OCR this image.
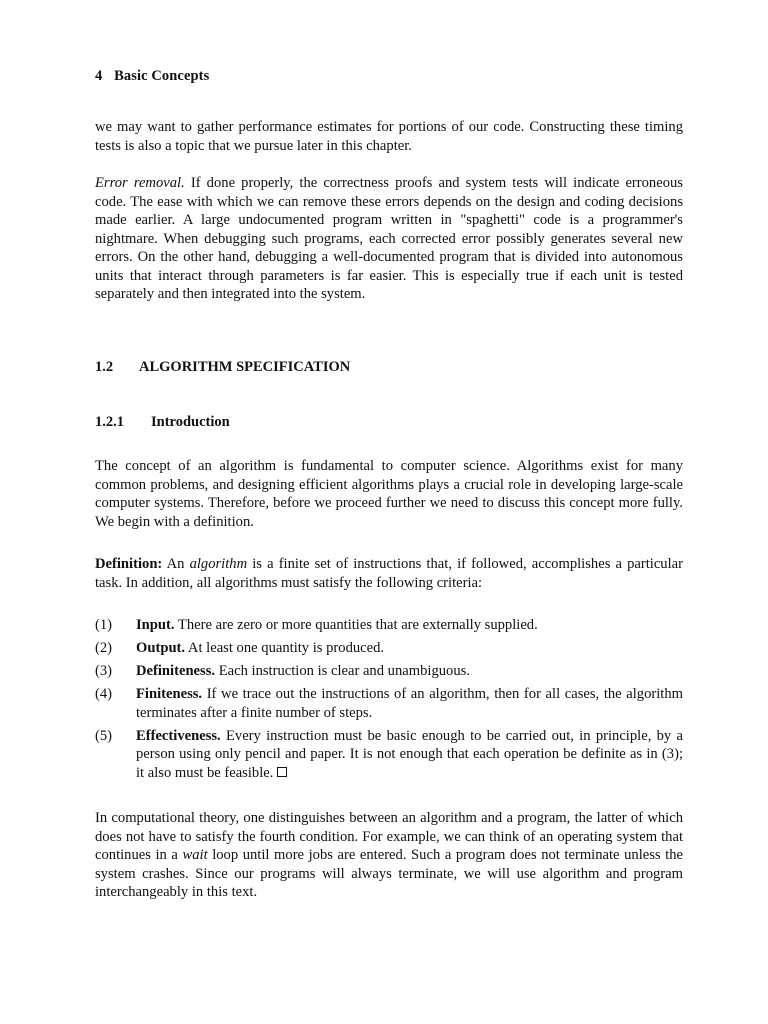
4 Basic Concepts

we may want to gather performance estimates for portions of our code. Constructing these timing tests is also a topic that we pursue later in this chapter.

Error removal. If done properly, the correctness proofs and system tests will indicate erroneous code. The ease with which we can remove these errors depends on the design and coding decisions made earlier. A large undocumented program written in "spaghetti" code is a programmer's nightmare. When debugging such programs, each corrected error possibly generates several new errors. On the other hand, debugging a well-documented program that is divided into autonomous units that interact through parameters is far easier. This is especially true if each unit is tested separately and then integrated into the system.

1.2 ALGORITHM SPECIFICATION
1.2.1 Introduction

The concept of an algorithm is fundamental to computer science. Algorithms exist for many common problems, and designing efficient algorithms plays a crucial role in developing large-scale computer systems. Therefore, before we proceed further we need to discuss this concept more fully. We begin with a definition.

Definition: An algorithm is a finite set of instructions that, if followed, accomplishes a particular task. In addition, all algorithms must satisfy the following criteria:

(1)	Input. There are zero or more quantities that are externally supplied.

(2)	Output. At least one quantity is produced.

(3)	Definiteness. Each instruction is clear and unambiguous.

(4)	Finiteness. If we trace out the instructions of an algorithm, then for all cases, the algorithm terminates after a finite number of steps.

(5)	Effectiveness. Every instruction must be basic enough to be carried out, in principle, by a person using only pencil and paper. It is not enough that each operation be definite as in (3); it also must be feasible.

In computational theory, one distinguishes between an algorithm and a program, the latter of which does not have to satisfy the fourth condition. For example, we can think of an operating system that continues in a wait loop until more jobs are entered. Such a program does not terminate unless the system crashes. Since our programs will always terminate, we will use algorithm and program interchangeably in this text.
